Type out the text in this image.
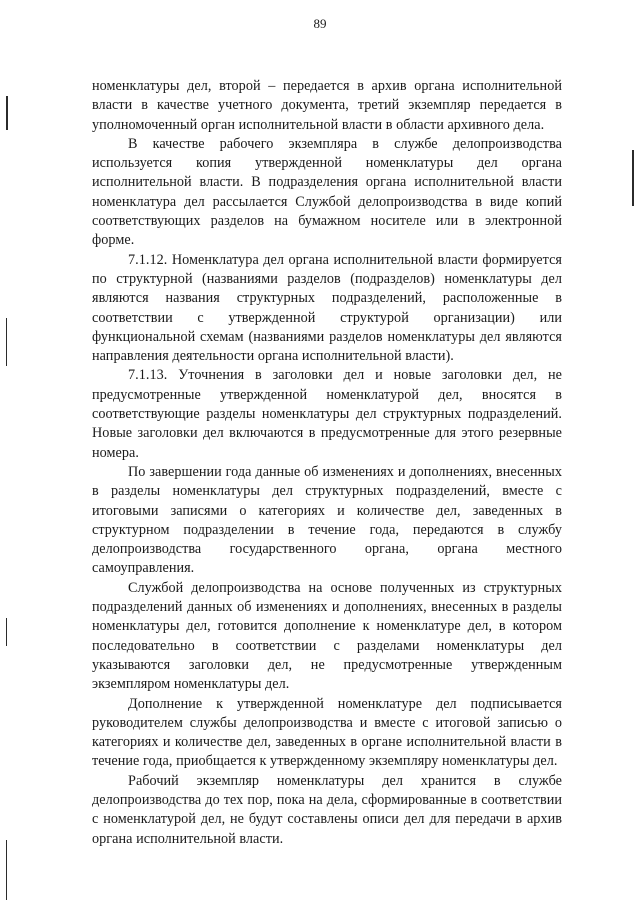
89

номенклатуры дел, второй – передается в архив органа исполнительной власти в качестве учетного документа, третий экземпляр передается в уполномоченный орган исполнительной власти в области архивного дела.

В качестве рабочего экземпляра в службе делопроизводства используется копия утвержденной номенклатуры дел органа исполнительной власти. В подразделения органа исполнительной власти номенклатура дел рассылается Службой делопроизводства в виде копий соответствующих разделов на бумажном носителе или в электронной форме.

7.1.12. Номенклатура дел органа исполнительной власти формируется по структурной (названиями разделов (подразделов) номенклатуры дел являются названия структурных подразделений, расположенные в соответствии с утвержденной структурой организации) или функциональной схемам (названиями разделов номенклатуры дел являются направления деятельности органа исполнительной власти).

7.1.13. Уточнения в заголовки дел и новые заголовки дел, не предусмотренные утвержденной номенклатурой дел, вносятся в соответствующие разделы номенклатуры дел структурных подразделений. Новые заголовки дел включаются в предусмотренные для этого резервные номера.

По завершении года данные об изменениях и дополнениях, внесенных в разделы номенклатуры дел структурных подразделений, вместе с итоговыми записями о категориях и количестве дел, заведенных в структурном подразделении в течение года, передаются в службу делопроизводства государственного органа, органа местного самоуправления.

Службой делопроизводства на основе полученных из структурных подразделений данных об изменениях и дополнениях, внесенных в разделы номенклатуры дел, готовится дополнение к номенклатуре дел, в котором последовательно в соответствии с разделами номенклатуры дел указываются заголовки дел, не предусмотренные утвержденным экземпляром номенклатуры дел.

Дополнение к утвержденной номенклатуре дел подписывается руководителем службы делопроизводства и вместе с итоговой записью о категориях и количестве дел, заведенных в органе исполнительной власти в течение года, приобщается к утвержденному экземпляру номенклатуры дел.

Рабочий экземпляр номенклатуры дел хранится в службе делопроизводства до тех пор, пока на дела, сформированные в соответствии с номенклатурой дел, не будут составлены описи дел для передачи в архив органа исполнительной власти.
